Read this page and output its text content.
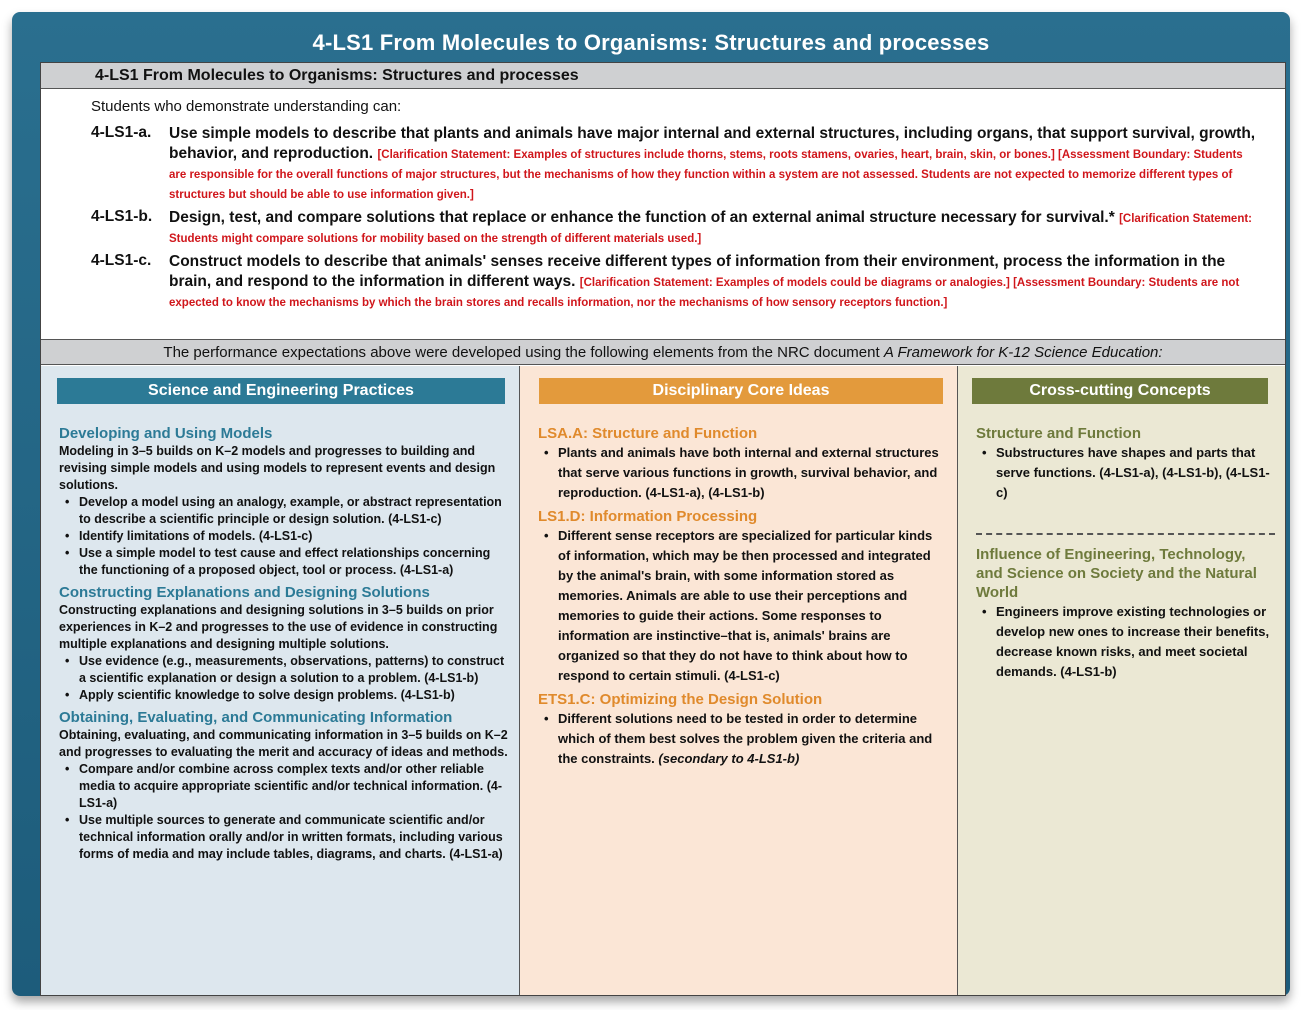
4-LS1 From Molecules to Organisms: Structures and processes
4-LS1 From Molecules to Organisms: Structures and processes
Students who demonstrate understanding can:
4-LS1-a. Use simple models to describe that plants and animals have major internal and external structures, including organs, that support survival, growth, behavior, and reproduction. [Clarification Statement: Examples of structures include thorns, stems, roots stamens, ovaries, heart, brain, skin, or bones.] [Assessment Boundary: Students are responsible for the overall functions of major structures, but the mechanisms of how they function within a system are not assessed. Students are not expected to memorize different types of structures but should be able to use information given.]
4-LS1-b. Design, test, and compare solutions that replace or enhance the function of an external animal structure necessary for survival.* [Clarification Statement: Students might compare solutions for mobility based on the strength of different materials used.]
4-LS1-c. Construct models to describe that animals' senses receive different types of information from their environment, process the information in the brain, and respond to the information in different ways. [Clarification Statement: Examples of models could be diagrams or analogies.] [Assessment Boundary: Students are not expected to know the mechanisms by which the brain stores and recalls information, nor the mechanisms of how sensory receptors function.]
The performance expectations above were developed using the following elements from the NRC document A Framework for K-12 Science Education:
Science and Engineering Practices
Developing and Using Models
Modeling in 3–5 builds on K–2 models and progresses to building and revising simple models and using models to represent events and design solutions.
• Develop a model using an analogy, example, or abstract representation to describe a scientific principle or design solution. (4-LS1-c)
• Identify limitations of models. (4-LS1-c)
• Use a simple model to test cause and effect relationships concerning the functioning of a proposed object, tool or process. (4-LS1-a)
Constructing Explanations and Designing Solutions
Constructing explanations and designing solutions in 3–5 builds on prior experiences in K–2 and progresses to the use of evidence in constructing multiple explanations and designing multiple solutions.
• Use evidence (e.g., measurements, observations, patterns) to construct a scientific explanation or design a solution to a problem. (4-LS1-b)
• Apply scientific knowledge to solve design problems. (4-LS1-b)
Obtaining, Evaluating, and Communicating Information
Obtaining, evaluating, and communicating information in 3–5 builds on K–2 and progresses to evaluating the merit and accuracy of ideas and methods.
• Compare and/or combine across complex texts and/or other reliable media to acquire appropriate scientific and/or technical information. (4-LS1-a)
• Use multiple sources to generate and communicate scientific and/or technical information orally and/or in written formats, including various forms of media and may include tables, diagrams, and charts. (4-LS1-a)
Disciplinary Core Ideas
LSA.A: Structure and Function
• Plants and animals have both internal and external structures that serve various functions in growth, survival behavior, and reproduction. (4-LS1-a), (4-LS1-b)
LS1.D: Information Processing
• Different sense receptors are specialized for particular kinds of information, which may be then processed and integrated by the animal's brain, with some information stored as memories. Animals are able to use their perceptions and memories to guide their actions. Some responses to information are instinctive–that is, animals' brains are organized so that they do not have to think about how to respond to certain stimuli. (4-LS1-c)
ETS1.C: Optimizing the Design Solution
• Different solutions need to be tested in order to determine which of them best solves the problem given the criteria and the constraints. (secondary to 4-LS1-b)
Cross-cutting Concepts
Structure and Function
• Substructures have shapes and parts that serve functions. (4-LS1-a), (4-LS1-b), (4-LS1-c)
Influence of Engineering, Technology, and Science on Society and the Natural World
• Engineers improve existing technologies or develop new ones to increase their benefits, decrease known risks, and meet societal demands. (4-LS1-b)
